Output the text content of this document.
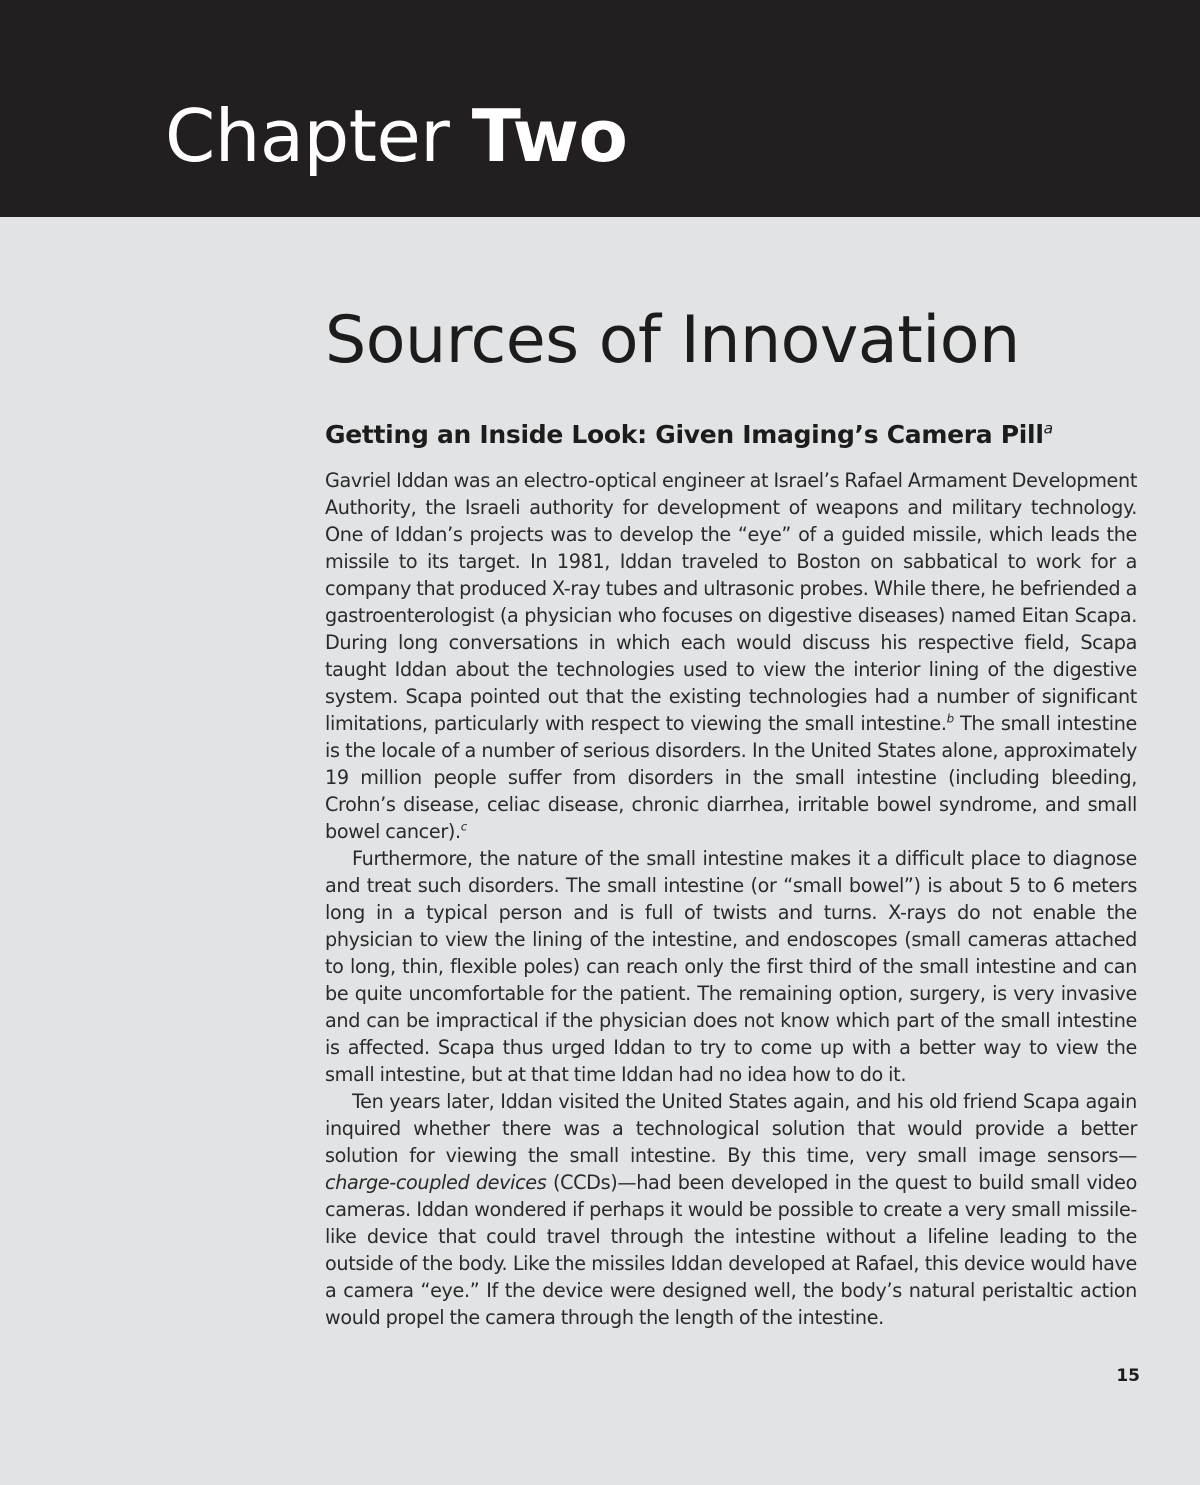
Chapter Two
Sources of Innovation
Getting an Inside Look: Given Imaging’s Camera Pill$^a$

Gavriel Iddan was an electro-optical engineer at Israel’s Rafael Armament Development Authority, the Israeli authority for development of weapons and military technology. One of Iddan’s projects was to develop the “eye” of a guided missile, which leads the missile to its target. In 1981, Iddan traveled to Boston on sabbatical to work for a company that produced X-ray tubes and ultrasonic probes. While there, he befriended a gastroenterologist (a physician who focuses on digestive diseases) named Eitan Scapa. During long conversations in which each would discuss his respective field, Scapa taught Iddan about the technologies used to view the interior lining of the digestive system. Scapa pointed out that the existing technologies had a number of significant limitations, particularly with respect to viewing the small intestine.$^b$ The small intestine is the locale of a number of serious disorders. In the United States alone, approximately 19 million people suffer from disorders in the small intestine (including bleeding, Crohn’s disease, celiac disease, chronic diarrhea, irritable bowel syndrome, and small bowel cancer).$^c$

Furthermore, the nature of the small intestine makes it a difficult place to diagnose and treat such disorders. The small intestine (or “small bowel”) is about 5 to 6 meters long in a typical person and is full of twists and turns. X-rays do not enable the physician to view the lining of the intestine, and endoscopes (small cameras attached to long, thin, flexible poles) can reach only the first third of the small intestine and can be quite uncomfortable for the patient. The remaining option, surgery, is very invasive and can be impractical if the physician does not know which part of the small intestine is affected. Scapa thus urged Iddan to try to come up with a better way to view the small intestine, but at that time Iddan had no idea how to do it.

Ten years later, Iddan visited the United States again, and his old friend Scapa again inquired whether there was a technological solution that would provide a better solution for viewing the small intestine. By this time, very small image sensors—charge-coupled devices (CCDs)—had been developed in the quest to build small video cameras. Iddan wondered if perhaps it would be possible to create a very small missile-like device that could travel through the intestine without a lifeline leading to the outside of the body. Like the missiles Iddan developed at Rafael, this device would have a camera “eye.” If the device were designed well, the body’s natural peristaltic action would propel the camera through the length of the intestine.

15
